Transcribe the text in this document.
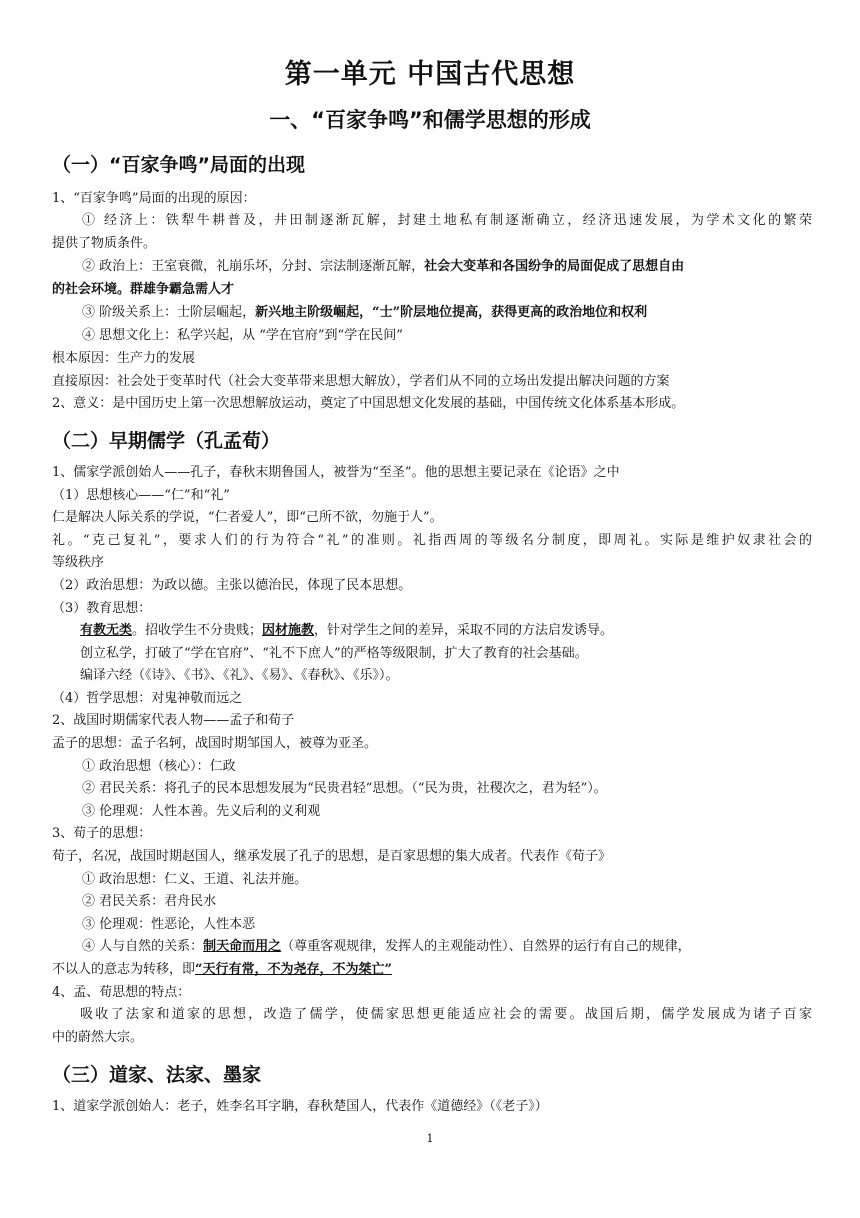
第一单元 中国古代思想
一、“百家争鸣”和儒学思想的形成
（一）“百家争鸣”局面的出现
1、“百家争鸣”局面的出现的原因：
① 经济上：铁犁牛耕普及，井田制逐渐瓦解，封建土地私有制逐渐确立，经济迅速发展，为学术文化的繁荣
提供了物质条件。
② 政治上：王室衰微，礼崩乐坏，分封、宗法制逐渐瓦解，社会大变革和各国纷争的局面促成了思想自由
的社会环境。群雄争霸急需人才
③ 阶级关系上：士阶层崛起，新兴地主阶级崛起，“士”阶层地位提高，获得更高的政治地位和权利
④ 思想文化上：私学兴起，从 “学在官府”到“学在民间”
根本原因：生产力的发展
直接原因：社会处于变革时代（社会大变革带来思想大解放），学者们从不同的立场出发提出解决问题的方案
2、意义：是中国历史上第一次思想解放运动，奠定了中国思想文化发展的基础，中国传统文化体系基本形成。
（二）早期儒学（孔孟荀）
1、儒家学派创始人——孔子，春秋末期鲁国人，被誉为“至圣”。他的思想主要记录在《论语》之中
（1）思想核心——“仁”和“礼”
仁是解决人际关系的学说，“仁者爱人”，即“己所不欲，勿施于人”。
礼。“克己复礼”，要求人们的行为符合“礼”的准则。礼指西周的等级名分制度，即周礼。实际是维护奴隶社会的
等级秩序
（2）政治思想：为政以德。主张以德治民，体现了民本思想。
（3）教育思想：
有教无类。招收学生不分贵贱；因材施教，针对学生之间的差异，采取不同的方法启发诱导。
创立私学，打破了“学在官府”、“礼不下庶人”的严格等级限制，扩大了教育的社会基础。
编译六经（《诗》、《书》、《礼》、《易》、《春秋》、《乐》）。
（4）哲学思想：对鬼神敬而远之
2、战国时期儒家代表人物——孟子和荀子
孟子的思想：孟子名轲，战国时期邹国人，被尊为亚圣。
① 政治思想（核心）：仁政
② 君民关系：将孔子的民本思想发展为“民贵君轻”思想。（“民为贵，社稷次之，君为轻”）。
③ 伦理观：人性本善。先义后利的义利观
3、荀子的思想：
荀子，名况，战国时期赵国人，继承发展了孔子的思想，是百家思想的集大成者。代表作《荀子》
① 政治思想：仁义、王道、礼法并施。
② 君民关系：君舟民水
③ 伦理观：性恶论，人性本恶
④ 人与自然的关系：制天命而用之（尊重客观规律，发挥人的主观能动性）、自然界的运行有自己的规律，
不以人的意志为转移，即“天行有常，不为尧存，不为桀亡”
4、孟、荀思想的特点：
吸收了法家和道家的思想，改造了儒学，使儒家思想更能适应社会的需要。战国后期，儒学发展成为诸子百家
中的蔚然大宗。
（三）道家、法家、墨家
1、道家学派创始人：老子，姓李名耳字聃，春秋楚国人，代表作《道德经》（《老子》）
1
